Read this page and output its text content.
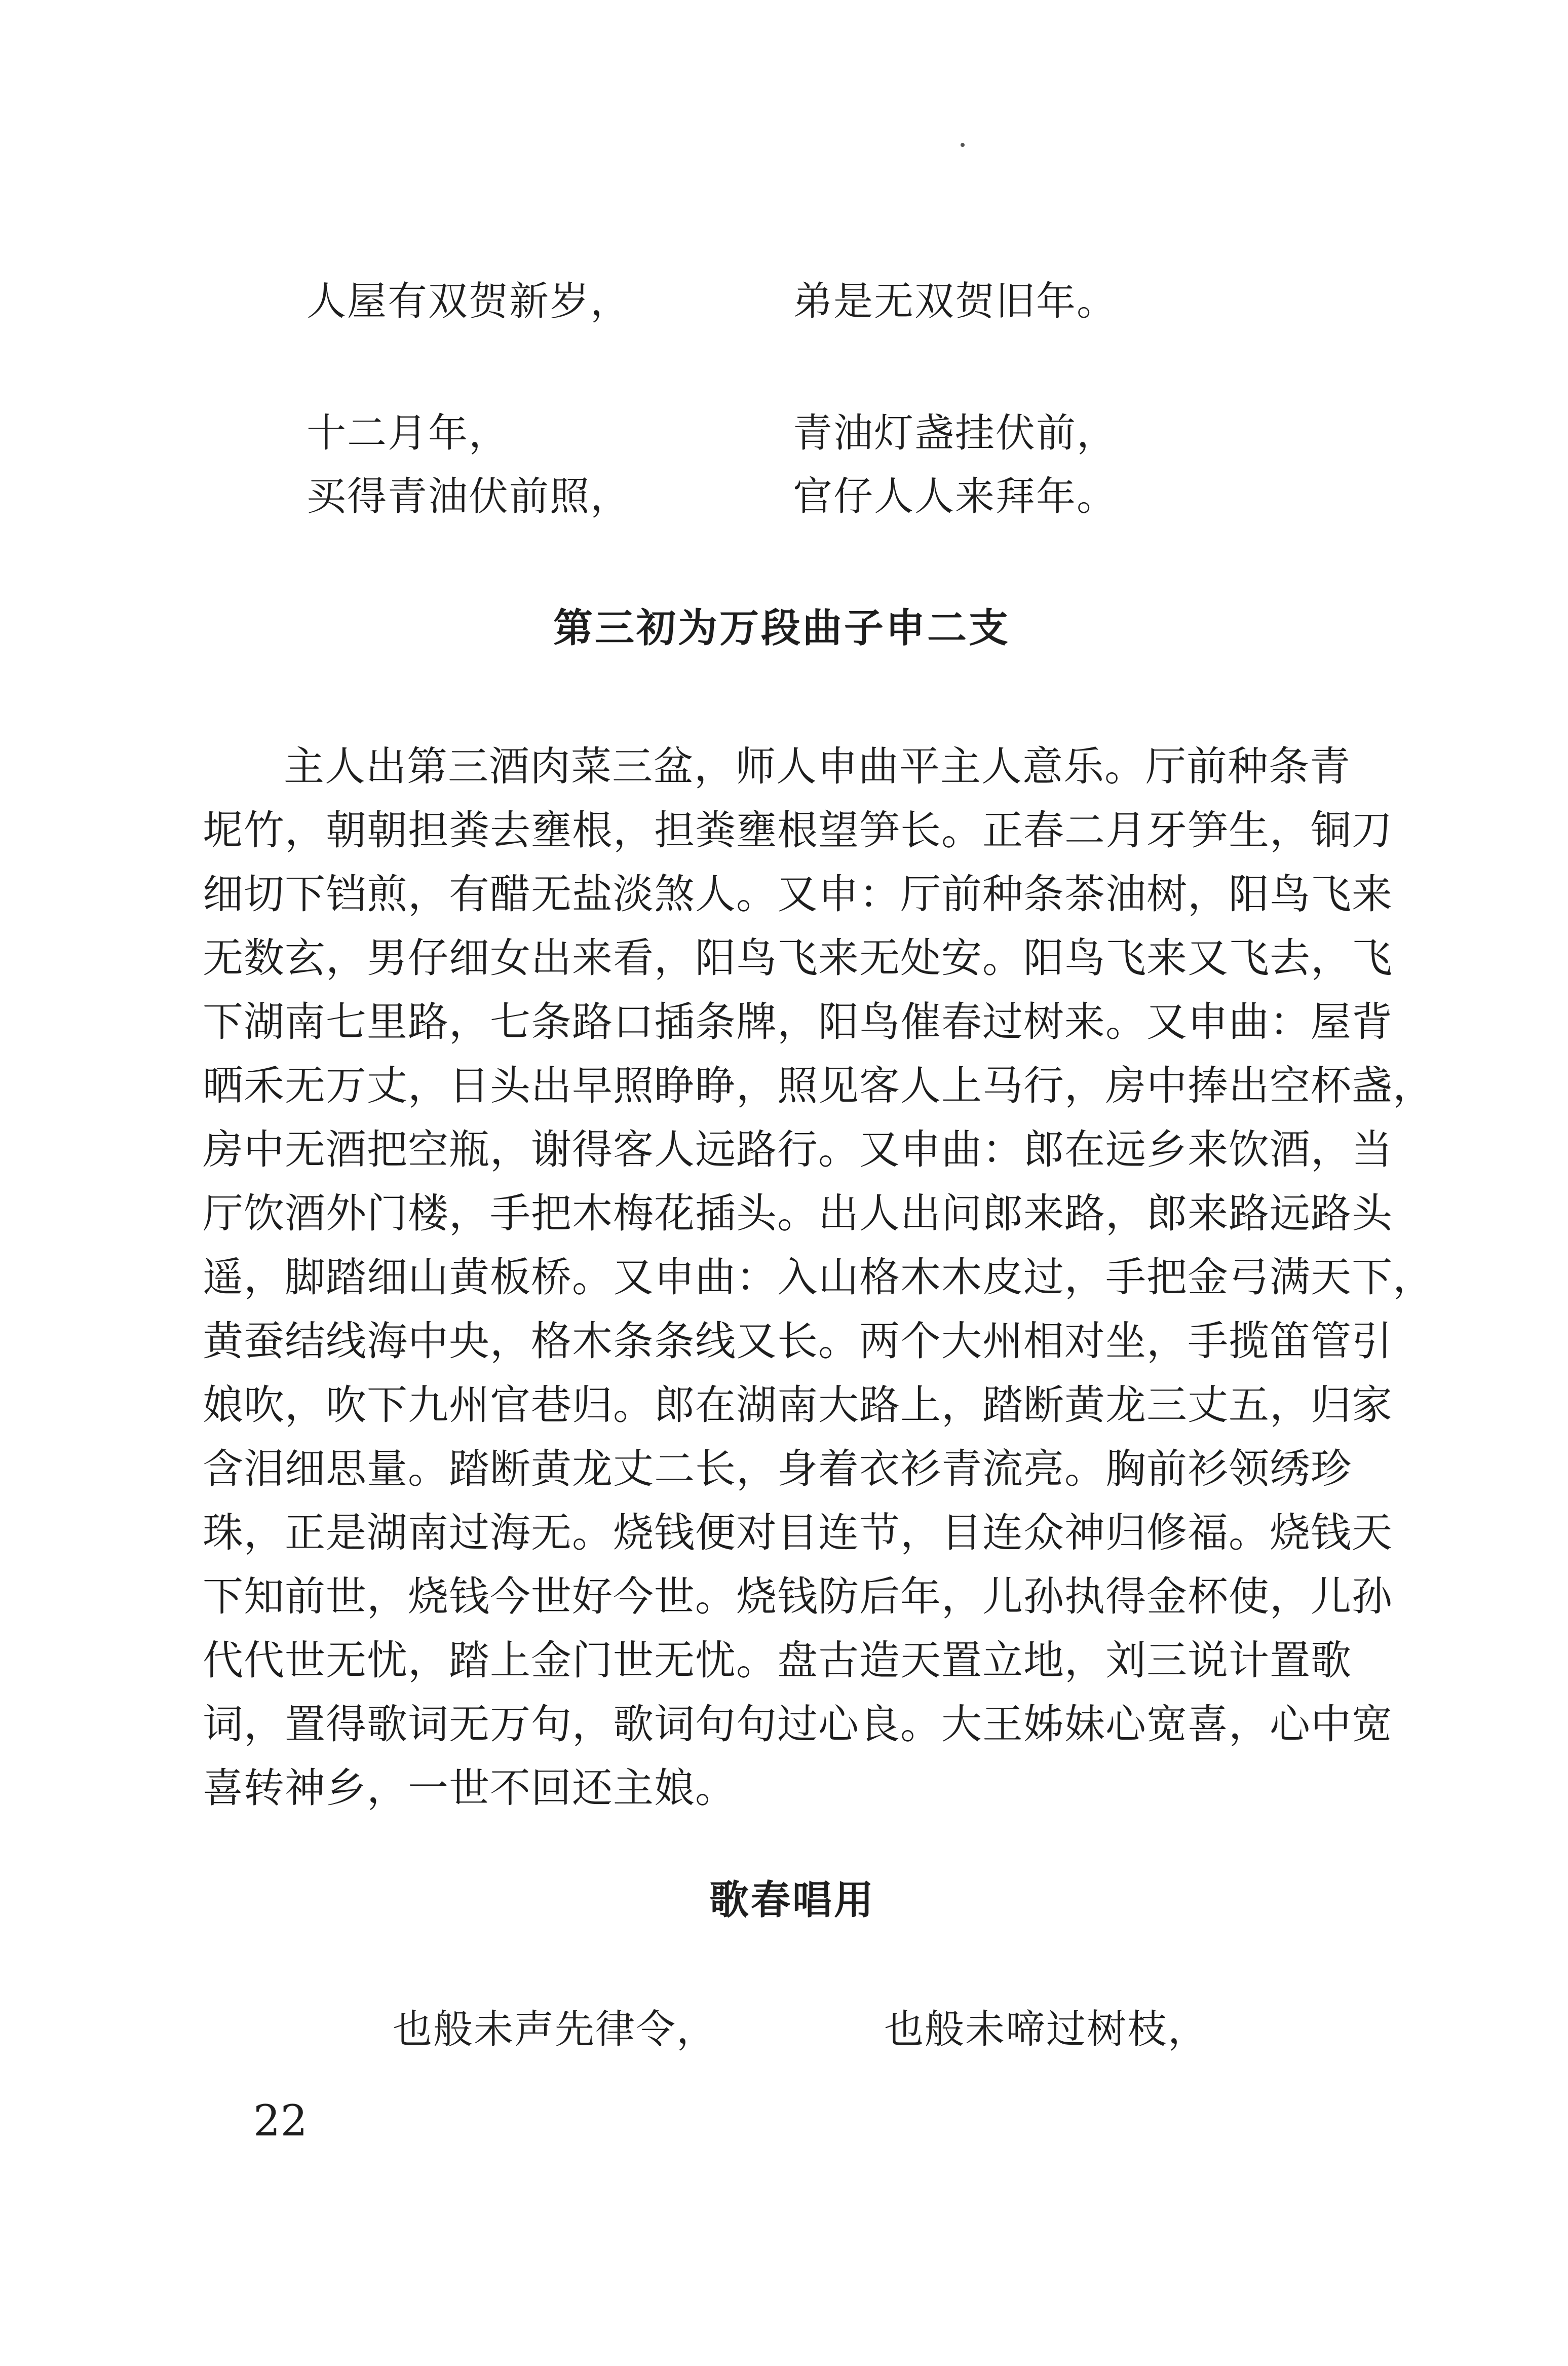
人屋有双贺新岁，	弟是无双贺旧年。
十二月年，	青油灯盏挂伏前，
买得青油伏前照，	官仔人人来拜年。
第三初为万段曲子申二支
主人出第三酒肉菜三盆，师人申曲平主人意乐。厅前种条青
坭竹，朝朝担粪去壅根，担粪壅根望笋长。正春二月牙笋生，铜刀
细切下铛煎，有醋无盐淡煞人。又申：厅前种条茶油树，阳鸟飞来
无数玄，男仔细女出来看，阳鸟飞来无处安。阳鸟飞来又飞去，飞
下湖南七里路，七条路口插条牌，阳鸟催春过树来。又申曲：屋背
晒禾无万丈，日头出早照睁睁，照见客人上马行，房中捧出空杯盏，
房中无酒把空瓶，谢得客人远路行。又申曲：郎在远乡来饮酒，当
厅饮酒外门楼，手把木梅花插头。出人出问郎来路，郎来路远路头
遥，脚踏细山黄板桥。又申曲：入山格木木皮过，手把金弓满天下，
黄蚕结线海中央，格木条条线又长。两个大州相对坐，手揽笛管引
娘吹，吹下九州官巷归。郎在湖南大路上，踏断黄龙三丈五，归家
含泪细思量。踏断黄龙丈二长，身着衣衫青流亮。胸前衫领绣珍
珠，正是湖南过海无。烧钱便对目连节，目连众神归修福。烧钱天
下知前世，烧钱今世好今世。烧钱防后年，儿孙执得金杯使，儿孙
代代世无忧，踏上金门世无忧。盘古造天置立地，刘三说计置歌
词，置得歌词无万句，歌词句句过心良。大王姊妹心宽喜，心中宽
喜转神乡，一世不回还主娘。
歌春唱用
也般未声先律令，	也般未啼过树枝，
22
